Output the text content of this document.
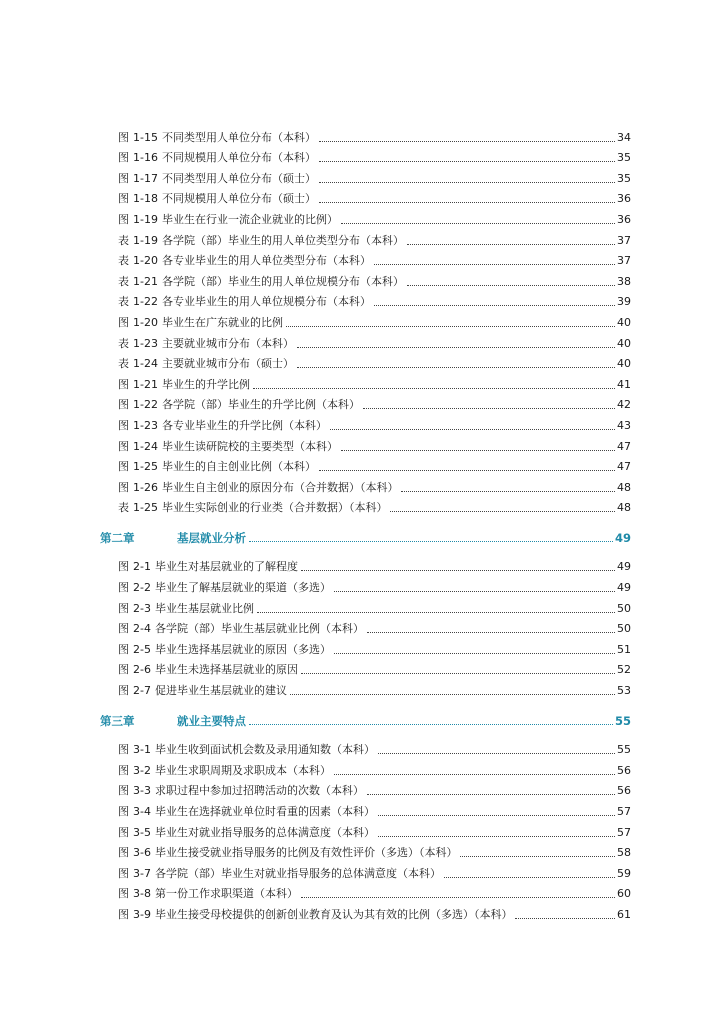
图 1-15 不同类型用人单位分布（本科）	34
图 1-16 不同规模用人单位分布（本科）	35
图 1-17 不同类型用人单位分布（硕士）	35
图 1-18 不同规模用人单位分布（硕士）	36
图 1-19 毕业生在行业一流企业就业的比例）	36
表 1-19 各学院（部）毕业生的用人单位类型分布（本科）	37
表 1-20 各专业毕业生的用人单位类型分布（本科）	37
表 1-21 各学院（部）毕业生的用人单位规模分布（本科）	38
表 1-22 各专业毕业生的用人单位规模分布（本科）	39
图 1-20 毕业生在广东就业的比例	40
表 1-23 主要就业城市分布（本科）	40
表 1-24 主要就业城市分布（硕士）	40
图 1-21 毕业生的升学比例	41
图 1-22 各学院（部）毕业生的升学比例（本科）	42
图 1-23 各专业毕业生的升学比例（本科）	43
图 1-24 毕业生读研院校的主要类型（本科）	47
图 1-25 毕业生的自主创业比例（本科）	47
图 1-26 毕业生自主创业的原因分布（合并数据）（本科）	48
表 1-25 毕业生实际创业的行业类（合并数据）（本科）	48
第二章	基层就业分析	49
图 2-1 毕业生对基层就业的了解程度	49
图 2-2 毕业生了解基层就业的渠道（多选）	49
图 2-3 毕业生基层就业比例	50
图 2-4 各学院（部）毕业生基层就业比例（本科）	50
图 2-5 毕业生选择基层就业的原因（多选）	51
图 2-6 毕业生未选择基层就业的原因	52
图 2-7 促进毕业生基层就业的建议	53
第三章	就业主要特点	55
图 3-1 毕业生收到面试机会数及录用通知数（本科）	55
图 3-2 毕业生求职周期及求职成本（本科）	56
图 3-3 求职过程中参加过招聘活动的次数（本科）	56
图 3-4 毕业生在选择就业单位时看重的因素（本科）	57
图 3-5 毕业生对就业指导服务的总体满意度（本科）	57
图 3-6 毕业生接受就业指导服务的比例及有效性评价（多选）（本科）	58
图 3-7 各学院（部）毕业生对就业指导服务的总体满意度（本科）	59
图 3-8 第一份工作求职渠道（本科）	60
图 3-9 毕业生接受母校提供的创新创业教育及认为其有效的比例（多选）（本科）	61
